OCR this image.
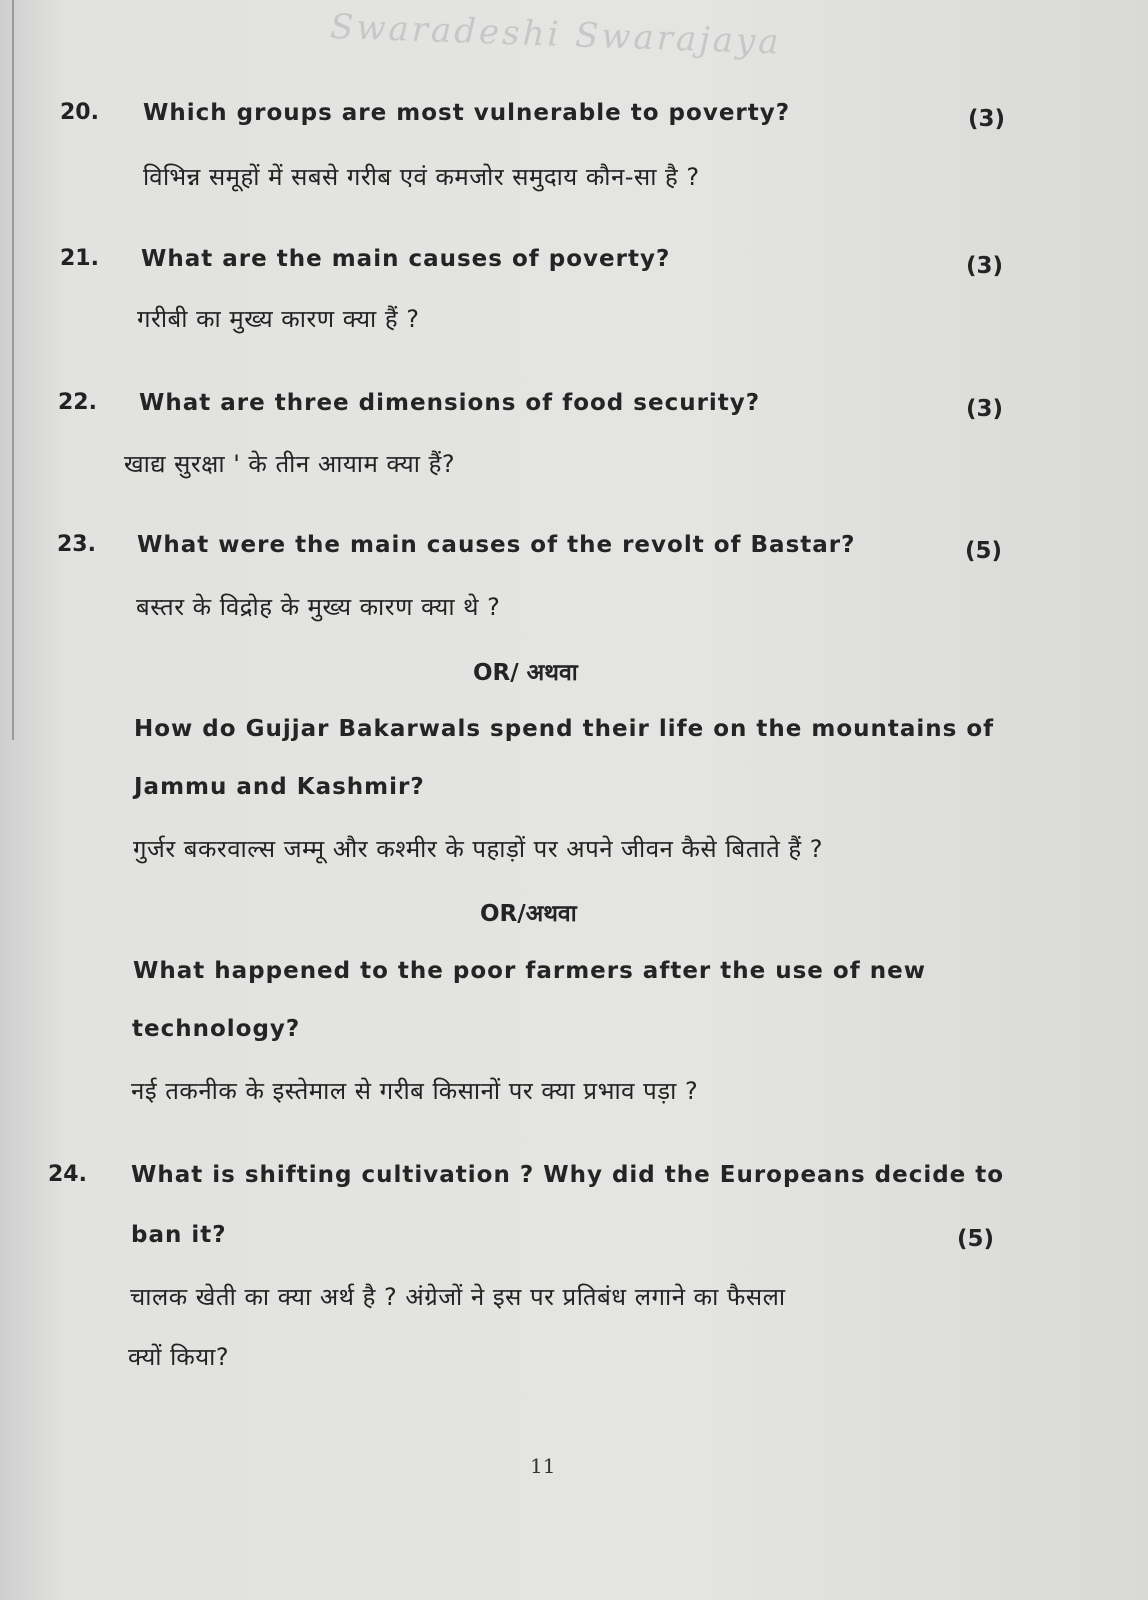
Swaradeshi Swarajaya
20. Which groups are most vulnerable to poverty?	(3)
विभिन्न समूहों में सबसे गरीब एवं कमजोर समुदाय कौन-सा है ?
21. What are the main causes of poverty?	(3)
गरीबी का मुख्य कारण क्या हैं ?
22. What are three dimensions of food security?	(3)
खाद्य सुरक्षा ' के तीन आयाम क्या हैं?
23. What were the main causes of the revolt of Bastar?	(5)
बस्तर के विद्रोह के मुख्य कारण क्या थे ?
OR/ अथवा
How do Gujjar Bakarwals spend their life on the mountains of
Jammu and Kashmir?
गुर्जर बकरवाल्स जम्मू और कश्मीर के पहाड़ों पर अपने जीवन कैसे बिताते हैं ?
OR/अथवा
What happened to the poor farmers after the use of new
technology?
नई तकनीक के इस्तेमाल से गरीब किसानों पर क्या प्रभाव पड़ा ?
24. What is shifting cultivation ? Why did the Europeans decide to
ban it?	(5)
चालक खेती का क्या अर्थ है ? अंग्रेजों ने इस पर प्रतिबंध लगाने का फैसला
क्यों किया?
11
